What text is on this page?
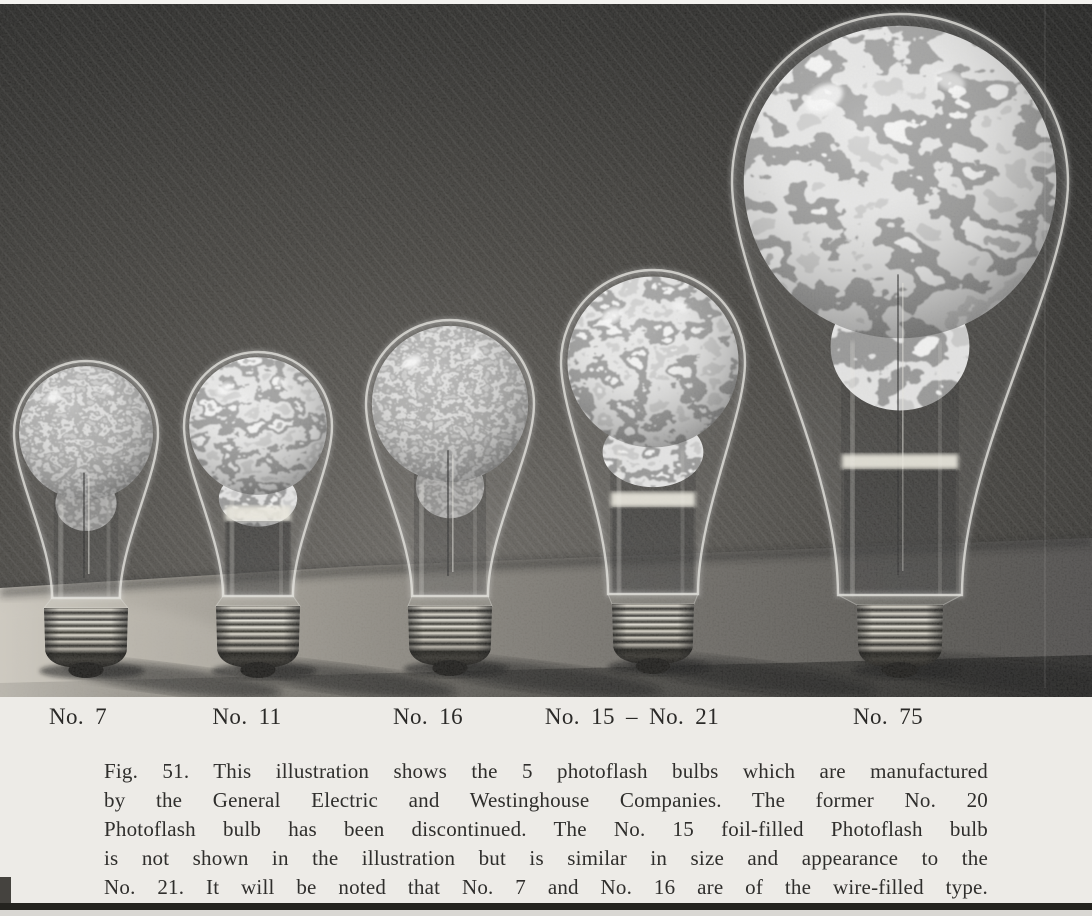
No. 7	No. 11	No. 16	No. 15 – No. 21	No. 75
Fig. 51. This illustration shows the 5 photoflash bulbs which are manufactured
by the General Electric and Westinghouse Companies. The former No. 20
Photoflash bulb has been discontinued. The No. 15 foil-filled Photoflash bulb
is not shown in the illustration but is similar in size and appearance to the
No. 21. It will be noted that No. 7 and No. 16 are of the wire-filled type.
